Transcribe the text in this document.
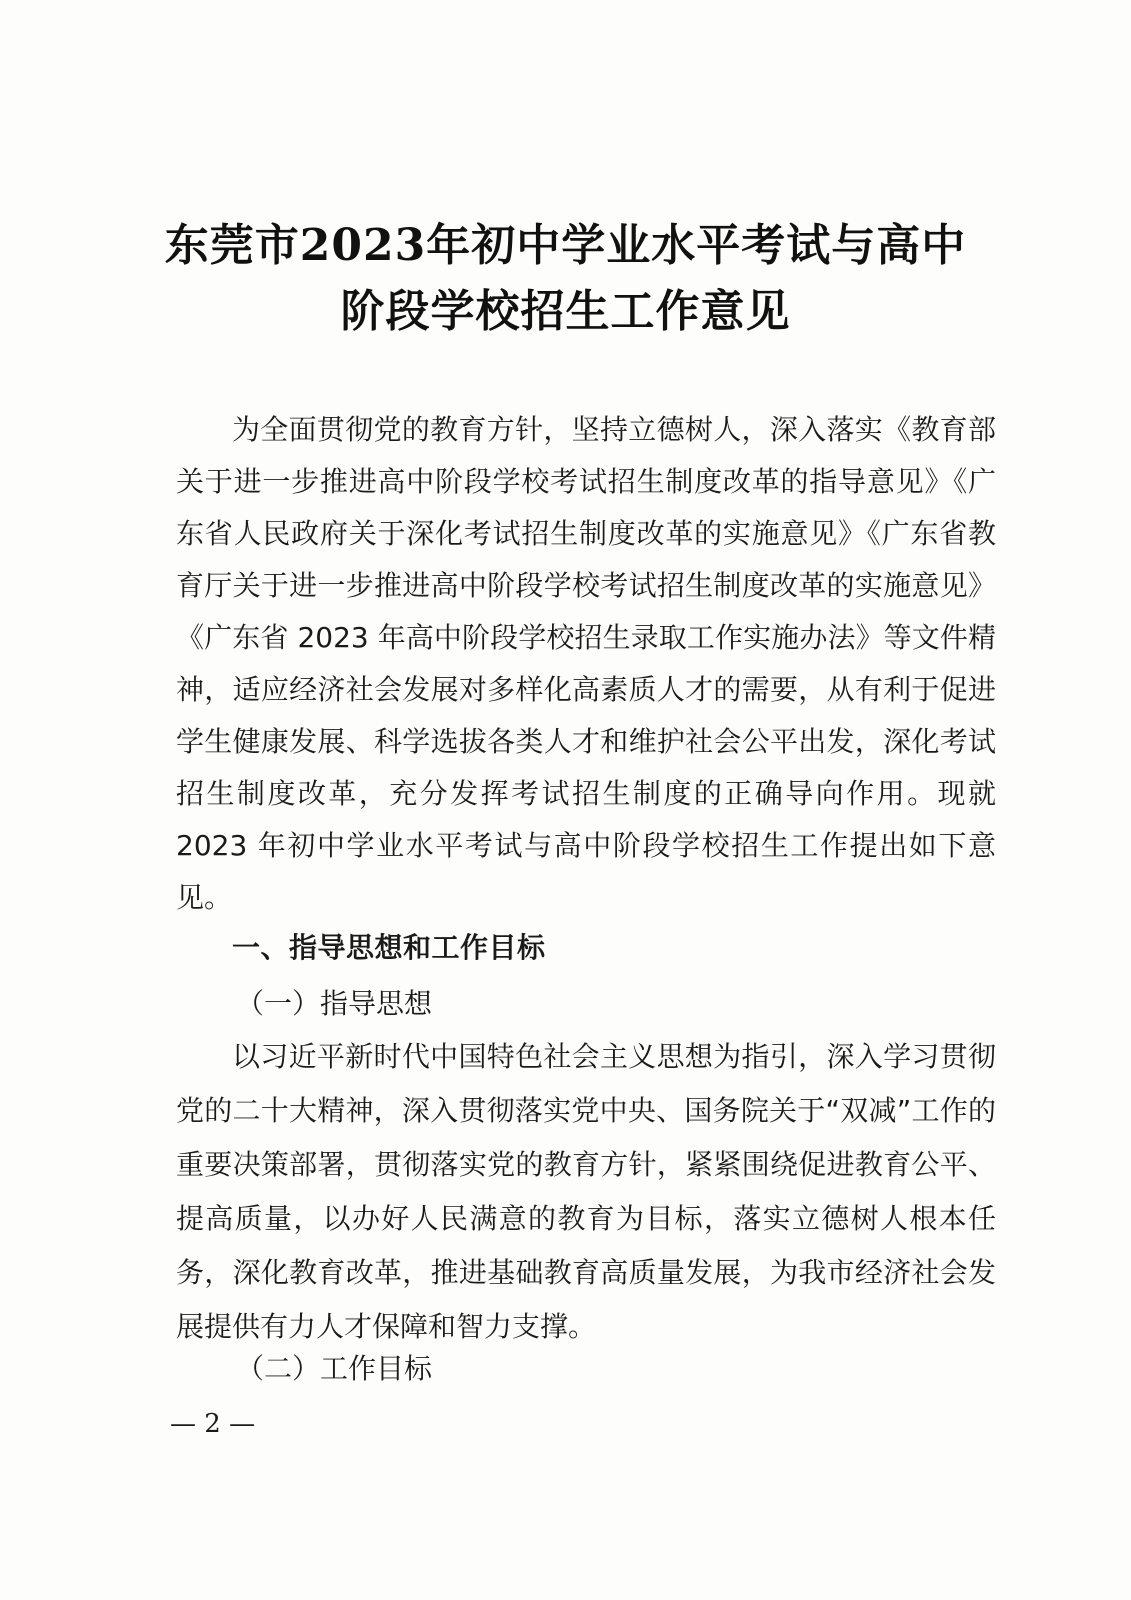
东莞市2023年初中学业水平考试与高中
阶段学校招生工作意见

为全面贯彻党的教育方针，坚持立德树人，深入落实《教育部关于进一步推进高中阶段学校考试招生制度改革的指导意见》《广东省人民政府关于深化考试招生制度改革的实施意见》《广东省教育厅关于进一步推进高中阶段学校考试招生制度改革的实施意见》《广东省 2023 年高中阶段学校招生录取工作实施办法》等文件精神，适应经济社会发展对多样化高素质人才的需要，从有利于促进学生健康发展、科学选拔各类人才和维护社会公平出发，深化考试招生制度改革，充分发挥考试招生制度的正确导向作用。现就 2023 年初中学业水平考试与高中阶段学校招生工作提出如下意见。

一、指导思想和工作目标
（一）指导思想

以习近平新时代中国特色社会主义思想为指引，深入学习贯彻党的二十大精神，深入贯彻落实党中央、国务院关于“双减”工作的重要决策部署，贯彻落实党的教育方针，紧紧围绕促进教育公平、提高质量，以办好人民满意的教育为目标，落实立德树人根本任务，深化教育改革，推进基础教育高质量发展，为我市经济社会发展提供有力人才保障和智力支撑。

（二）工作目标
— 2 —
